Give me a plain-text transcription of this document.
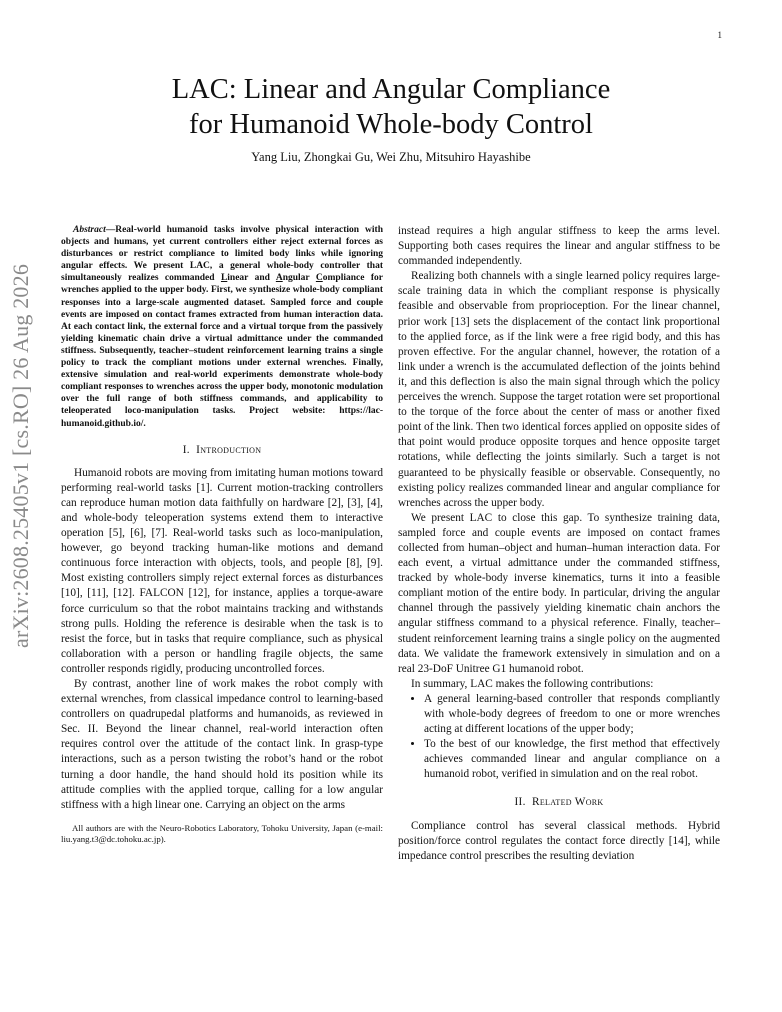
1
arXiv:2608.25405v1 [cs.RO] 26 Aug 2026
LAC: Linear and Angular Compliance
for Humanoid Whole-body Control
Yang Liu, Zhongkai Gu, Wei Zhu, Mitsuhiro Hayashibe

Abstract—Real-world humanoid tasks involve physical interaction with objects and humans, yet current controllers either reject external forces as disturbances or restrict compliance to limited body links while ignoring angular effects. We present LAC, a general whole-body controller that simultaneously realizes commanded Linear and Angular Compliance for wrenches applied to the upper body. First, we synthesize whole-body compliant responses into a large-scale augmented dataset. Sampled force and couple events are imposed on contact frames extracted from human interaction data. At each contact link, the external force and a virtual torque from the passively yielding kinematic chain drive a virtual admittance under the commanded stiffness. Subsequently, teacher–student reinforcement learning trains a single policy to track the compliant motions under external wrenches. Finally, extensive simulation and real-world experiments demonstrate whole-body compliant responses to wrenches across the upper body, monotonic modulation over the full range of both stiffness commands, and applicability to teleoperated loco-manipulation tasks. Project website: https://lac-humanoid.github.io/.

I. Introduction

Humanoid robots are moving from imitating human motions toward performing real-world tasks [1]. Current motion-tracking controllers can reproduce human motion data faithfully on hardware [2], [3], [4], and whole-body teleoperation systems extend them to interactive operation [5], [6], [7]. Real-world tasks such as loco-manipulation, however, go beyond tracking human-like motions and demand continuous force interaction with objects, tools, and people [8], [9]. Most existing controllers simply reject external forces as disturbances [10], [11], [12]. FALCON [12], for instance, applies a torque-aware force curriculum so that the robot maintains tracking and withstands strong pulls. Holding the reference is desirable when the task is to resist the force, but in tasks that require compliance, such as physical collaboration with a person or handling fragile objects, the same controller responds rigidly, producing uncontrolled forces.

By contrast, another line of work makes the robot comply with external wrenches, from classical impedance control to learning-based controllers on quadrupedal platforms and humanoids, as reviewed in Sec. II. Beyond the linear channel, real-world interaction often requires control over the attitude of the contact link. In grasp-type interactions, such as a person twisting the robot’s hand or the robot turning a door handle, the hand should hold its position while its attitude complies with the applied torque, calling for a low angular stiffness with a high linear one. Carrying an object on the arms

All authors are with the Neuro-Robotics Laboratory, Tohoku University, Japan (e-mail: liu.yang.t3@dc.tohoku.ac.jp).

instead requires a high angular stiffness to keep the arms level. Supporting both cases requires the linear and angular stiffness to be commanded independently.

Realizing both channels with a single learned policy requires large-scale training data in which the compliant response is physically feasible and observable from proprioception. For the linear channel, prior work [13] sets the displacement of the contact link proportional to the applied force, as if the link were a free rigid body, and this has proven effective. For the angular channel, however, the rotation of a link under a wrench is the accumulated deflection of the joints behind it, and this deflection is also the main signal through which the policy perceives the wrench. Suppose the target rotation were set proportional to the torque of the force about the center of mass or another fixed point of the link. Then two identical forces applied on opposite sides of that point would produce opposite torques and hence opposite target rotations, while deflecting the joints similarly. Such a target is not guaranteed to be physically feasible or observable. Consequently, no existing policy realizes commanded linear and angular compliance for wrenches across the upper body.

We present LAC to close this gap. To synthesize training data, sampled force and couple events are imposed on contact frames collected from human–object and human–human interaction data. For each event, a virtual admittance under the commanded stiffness, tracked by whole-body inverse kinematics, turns it into a feasible compliant motion of the entire body. In particular, driving the angular channel through the passively yielding kinematic chain anchors the angular stiffness command to a physical reference. Finally, teacher–student reinforcement learning trains a single policy on the augmented data. We validate the framework extensively in simulation and on a real 23-DoF Unitree G1 humanoid robot.

In summary, LAC makes the following contributions:

• A general learning-based controller that responds compliantly with whole-body degrees of freedom to one or more wrenches acting at different locations of the upper body;
• To the best of our knowledge, the first method that effectively achieves commanded linear and angular compliance on a humanoid robot, verified in simulation and on the real robot.
II. Related Work

Compliance control has several classical methods. Hybrid position/force control regulates the contact force directly [14], while impedance control prescribes the resulting deviation
